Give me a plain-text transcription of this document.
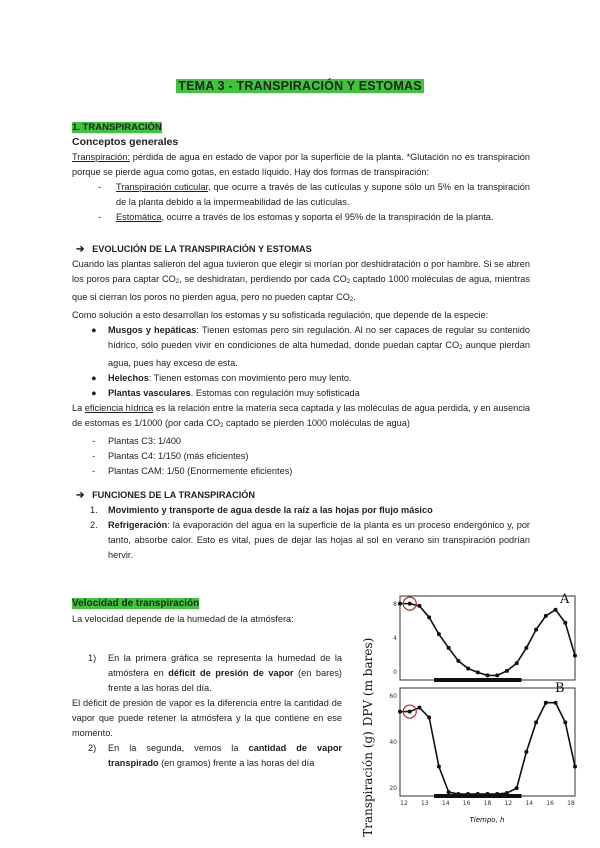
TEMA 3 - TRANSPIRACIÓN Y ESTOMAS
1. TRANSPIRACIÓN
Conceptos generales

Transpiración: pérdida de agua en estado de vapor por la superficie de la planta. *Glutación no es transpiración porque se pierde agua como gotas, en estado líquido. Hay dos formas de transpiración:

- Transpiración cuticular, que ocurre a través de las cutículas y supone sólo un 5% en la transpiración de la planta debido a la impermeabilidad de las cutículas.
- Estomática, ocurre a través de los estomas y soporta el 95% de la transpiración de la planta.
➔ EVOLUCIÓN DE LA TRANSPIRACIÓN Y ESTOMAS

Cuando las plantas salieron del agua tuvieron que elegir si morían por deshidratación o por hambre. Si se abren los poros para captar $CO_2$, se deshidratan, perdiendo por cada $CO_2$ captado 1000 moléculas de agua, mientras que si cierran los poros no pierden agua, pero no pueden captar $CO_2$.

Como solución a esto desarrollan los estomas y su sofisticada regulación, que depende de la especie:

● Musgos y hepáticas: Tienen estomas pero sin regulación. Al no ser capaces de regular su contenido hídrico, sólo pueden vivir en condiciones de alta humedad, donde puedan captar $CO_2$ aunque pierdan agua, pues hay exceso de esta.
● Helechos: Tienen estomas con movimiento pero muy lento.
● Plantas vasculares. Estomas con regulación muy sofisticada

La eficiencia hídrica es la relación entre la materia seca captada y las moléculas de agua perdida, y en ausencia de estomas es 1/1000 (por cada $CO_2$ captado se pierden 1000 moléculas de agua)

- Plantas C3: 1/400
- Plantas C4: 1/150 (más eficientes)
- Plantas CAM: 1/50 (Enormemente eficientes)
➔ FUNCIONES DE LA TRANSPIRACIÓN
1. Movimiento y transporte de agua desde la raíz a las hojas por flujo másico
2. Refrigeración: la evaporación del agua en la superficie de la planta es un proceso endergónico y, por tanto, absorbe calor. Esto es vital, pues de dejar las hojas al sol en verano sin transpiración podrían hervir.
Velocidad de transpiración

La velocidad depende de la humedad de la atmósfera:

1) En la primera gráfica se representa la humedad de la atmósfera en déficit de presión de vapor (en bares) frente a las horas del día.

El déficit de presión de vapor es la diferencia entre la cantidad de vapor que puede retener la atmósfera y la que contiene en ese momento.

2) En la segunda, vemos la cantidad de vapor transpirado (en gramos) frente a las horas del día
DPV (m bares)
Transpiración (g)
A
B
8
4
0
60
40
20
12 13 14 16 18 12 14 16 18
Tiempo, h
